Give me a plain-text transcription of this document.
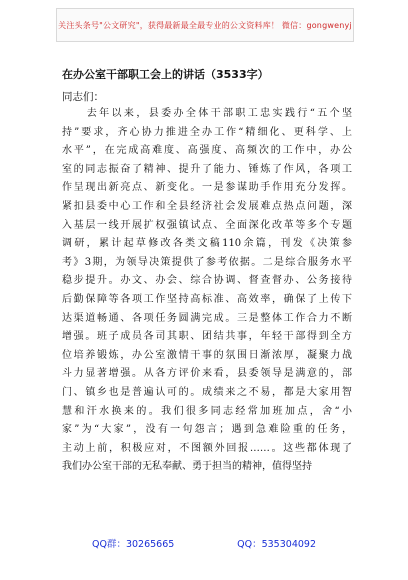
关注头条号"公文研究"，获得最新最全最专业的公文资料库！ 微信：gongwenyj
在办公室干部职工会上的讲话（3533字）
同志们：
　　去年以来，县委办全体干部职工忠实践行“五个坚
持”要求，齐心协力推进全办工作“精细化、更科学、上
水平”，在完成高难度、高强度、高频次的工作中，办公
室的同志振奋了精神、提升了能力、锤炼了作风，各项工
作呈现出新亮点、新变化。一是参谋助手作用充分发挥。
紧扣县委中心工作和全县经济社会发展难点热点问题，深
入基层一线开展扩权强镇试点、全面深化改革等多个专题
调研，累计起草修改各类文稿110余篇，刊发《决策参
考》3期，为领导决策提供了参考依据。二是综合服务水平
稳步提升。办文、办会、综合协调、督查督办、公务接待
后勤保障等各项工作坚持高标准、高效率，确保了上传下
达渠道畅通、各项任务圆满完成。三是整体工作合力不断
增强。班子成员各司其职、团结共事，年轻干部得到全方
位培养锻炼，办公室激情干事的氛围日渐浓厚，凝聚力战
斗力显著增强。从各方评价来看，县委领导是满意的，部
门、镇乡也是普遍认可的。成绩来之不易，都是大家用智
慧和汗水换来的。我们很多同志经常加班加点，舍“小
家”为“大家”，没有一句怨言；遇到急难险重的任务，
主动上前，积极应对，不图额外回报……。这些都体现了
我们办公室干部的无私奉献、勇于担当的精神，值得坚持
QQ群：30265665	QQ：535304092
